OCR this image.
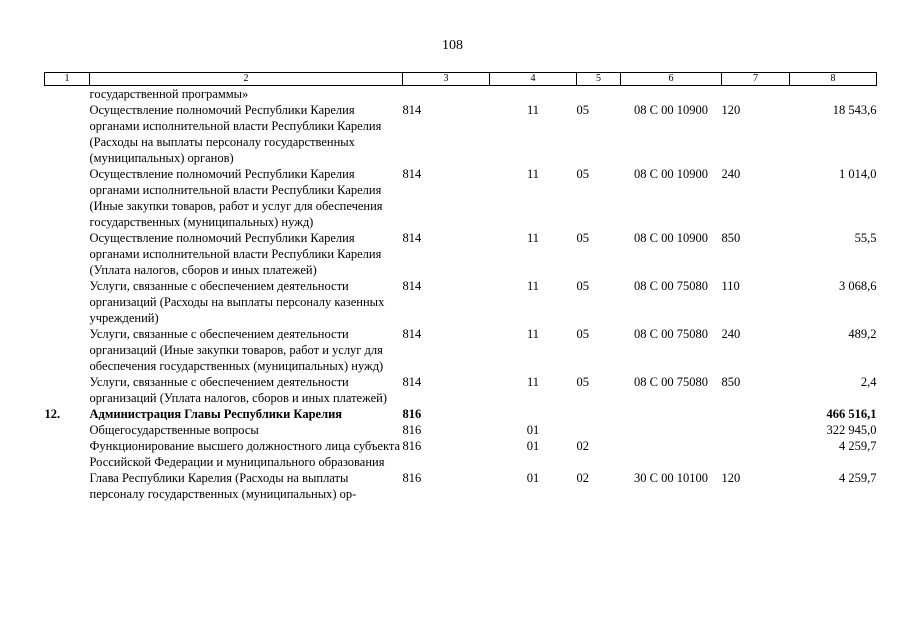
108
1	2	3	4	5	6	7	8
	государственной программы»						
	Осуществление полномочий Республики Карелия органами исполнительной власти Республики Карелия (Расходы на выплаты персоналу государственных (муниципальных) органов)	814	11	05	08 С 00 10900	120	18 543,6
	Осуществление полномочий Республики Карелия органами исполнительной власти Республики Карелия (Иные закупки товаров, работ и услуг для обеспечения государственных (муниципальных) нужд)	814	11	05	08 С 00 10900	240	1 014,0
	Осуществление полномочий Республики Карелия органами исполнительной власти Республики Карелия (Уплата налогов, сборов и иных платежей)	814	11	05	08 С 00 10900	850	55,5
	Услуги, связанные с обеспечением деятельности организаций (Расходы на выплаты персоналу казенных учреждений)	814	11	05	08 С 00 75080	110	3 068,6
	Услуги, связанные с обеспечением деятельности организаций (Иные закупки товаров, работ и услуг для обеспечения государственных (муниципальных) нужд)	814	11	05	08 С 00 75080	240	489,2
	Услуги, связанные с обеспечением деятельности организаций (Уплата налогов, сборов и иных платежей)	814	11	05	08 С 00 75080	850	2,4
12.	Администрация Главы Республики Карелия	816					466 516,1
	Общегосударственные вопросы	816	01				322 945,0
	Функционирование высшего должностного лица субъекта Российской Федерации и муниципального образования	816	01	02			4 259,7
	Глава Республики Карелия (Расходы на выплаты персоналу государственных (муниципальных) ор-	816	01	02	30 С 00 10100	120	4 259,7
